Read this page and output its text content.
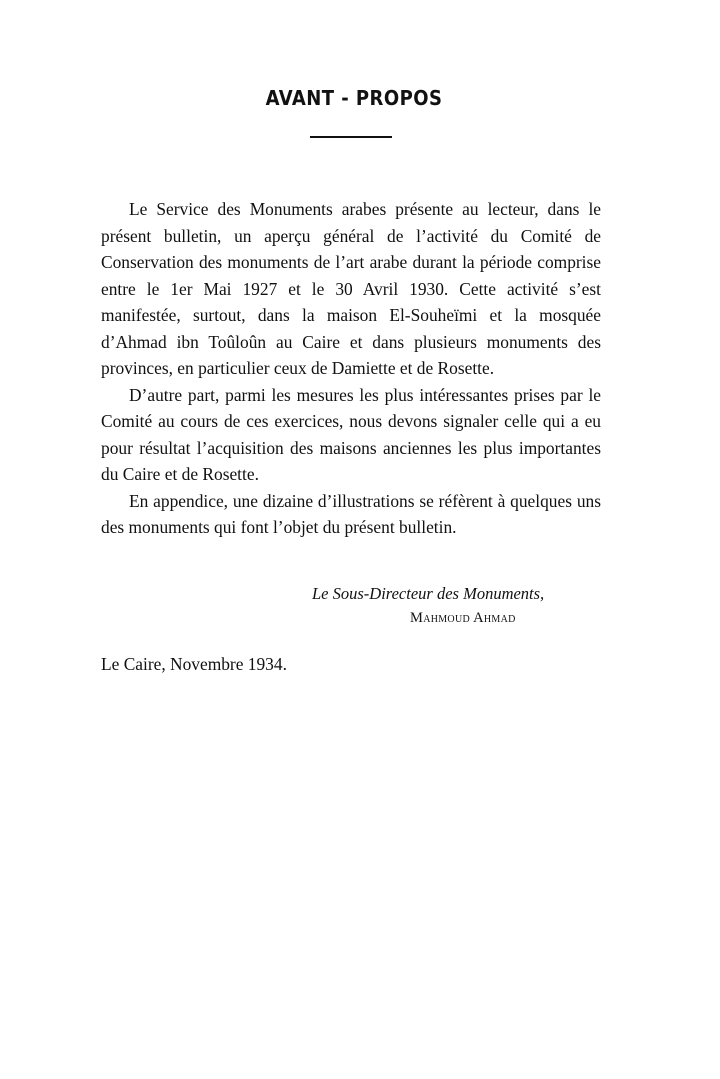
AVANT - PROPOS

Le Service des Monuments arabes présente au lecteur, dans le présent bulletin, un aperçu général de l’activité du Comité de Conservation des monuments de l’art arabe durant la période comprise entre le 1er Mai 1927 et le 30 Avril 1930. Cette activité s’est manifestée, surtout, dans la maison El-Souheïmi et la mosquée d’Ahmad ibn Toûloûn au Caire et dans plusieurs monuments des provinces, en particulier ceux de Damiette et de Rosette.

D’autre part, parmi les mesures les plus intéressantes prises par le Comité au cours de ces exercices, nous devons signaler celle qui a eu pour résultat l’acquisition des maisons anciennes les plus importantes du Caire et de Rosette.

En appendice, une dizaine d’illustrations se réfèrent à quelques uns des monuments qui font l’objet du présent bulletin.

Le Sous-Directeur des Monuments,
Mahmoud Ahmad
Le Caire, Novembre 1934.
